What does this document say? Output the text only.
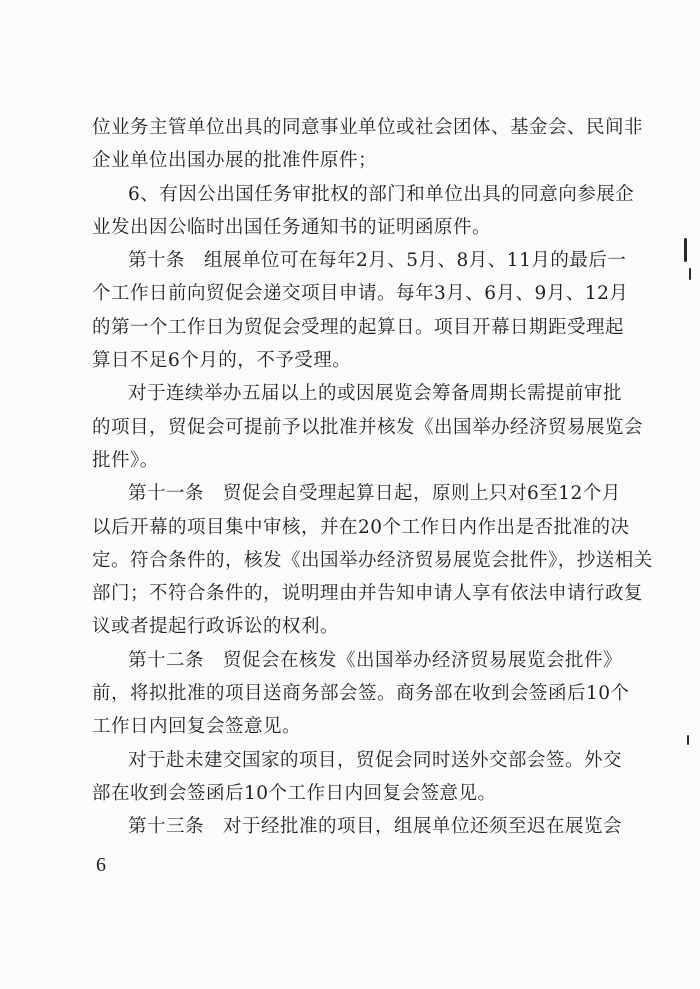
位业务主管单位出具的同意事业单位或社会团体、基金会、民间非
企业单位出国办展的批准件原件；
6、有因公出国任务审批权的部门和单位出具的同意向参展企
业发出因公临时出国任务通知书的证明函原件。
第十条　组展单位可在每年2月、5月、8月、11月的最后一
个工作日前向贸促会递交项目申请。每年3月、6月、9月、12月
的第一个工作日为贸促会受理的起算日。项目开幕日期距受理起
算日不足6个月的，不予受理。
对于连续举办五届以上的或因展览会筹备周期长需提前审批
的项目，贸促会可提前予以批准并核发《出国举办经济贸易展览会
批件》。
第十一条　贸促会自受理起算日起，原则上只对6至12个月
以后开幕的项目集中审核，并在20个工作日内作出是否批准的决
定。符合条件的，核发《出国举办经济贸易展览会批件》，抄送相关
部门；不符合条件的，说明理由并告知申请人享有依法申请行政复
议或者提起行政诉讼的权利。
第十二条　贸促会在核发《出国举办经济贸易展览会批件》
前，将拟批准的项目送商务部会签。商务部在收到会签函后10个
工作日内回复会签意见。
对于赴未建交国家的项目，贸促会同时送外交部会签。外交
部在收到会签函后10个工作日内回复会签意见。
第十三条　对于经批准的项目，组展单位还须至迟在展览会
6
